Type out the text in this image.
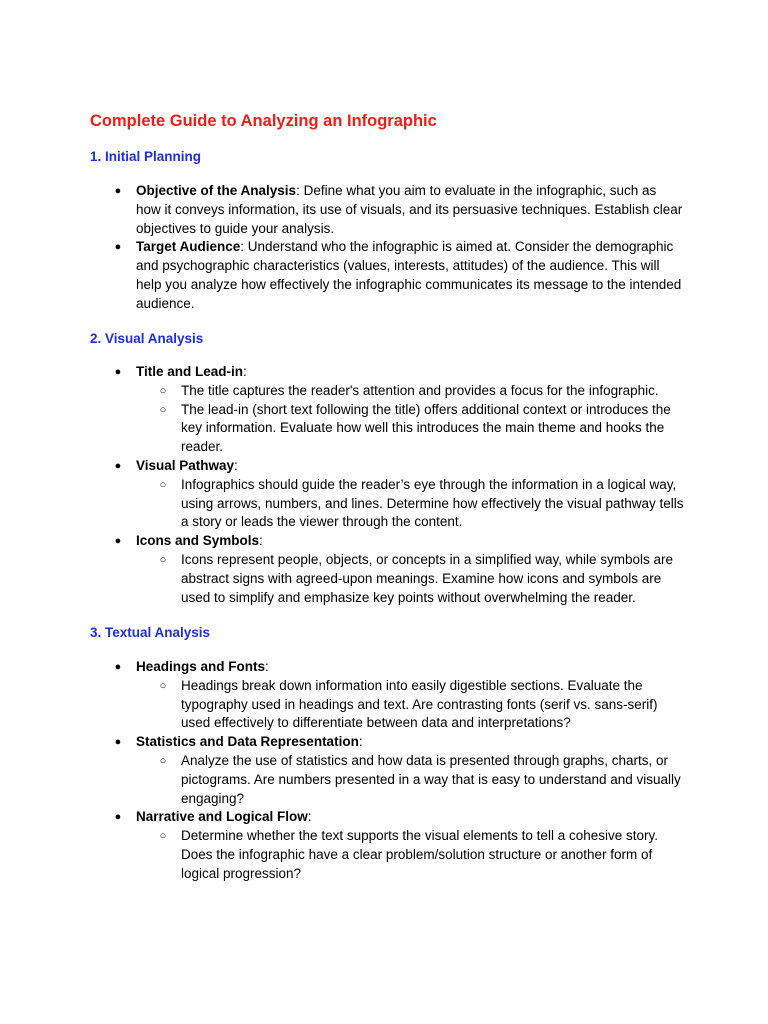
Complete Guide to Analyzing an Infographic
1. Initial Planning
● Objective of the Analysis: Define what you aim to evaluate in the infographic, such as how it conveys information, its use of visuals, and its persuasive techniques. Establish clear objectives to guide your analysis.
● Target Audience: Understand who the infographic is aimed at. Consider the demographic and psychographic characteristics (values, interests, attitudes) of the audience. This will help you analyze how effectively the infographic communicates its message to the intended audience.
2. Visual Analysis
● Title and Lead-in:
○ The title captures the reader's attention and provides a focus for the infographic.
○ The lead-in (short text following the title) offers additional context or introduces the key information. Evaluate how well this introduces the main theme and hooks the reader.
● Visual Pathway:
○ Infographics should guide the reader’s eye through the information in a logical way, using arrows, numbers, and lines. Determine how effectively the visual pathway tells a story or leads the viewer through the content.
● Icons and Symbols:
○ Icons represent people, objects, or concepts in a simplified way, while symbols are abstract signs with agreed-upon meanings. Examine how icons and symbols are used to simplify and emphasize key points without overwhelming the reader.
3. Textual Analysis
● Headings and Fonts:
○ Headings break down information into easily digestible sections. Evaluate the typography used in headings and text. Are contrasting fonts (serif vs. sans-serif) used effectively to differentiate between data and interpretations?
● Statistics and Data Representation:
○ Analyze the use of statistics and how data is presented through graphs, charts, or pictograms. Are numbers presented in a way that is easy to understand and visually engaging?
● Narrative and Logical Flow:
○ Determine whether the text supports the visual elements to tell a cohesive story. Does the infographic have a clear problem/solution structure or another form of logical progression?
